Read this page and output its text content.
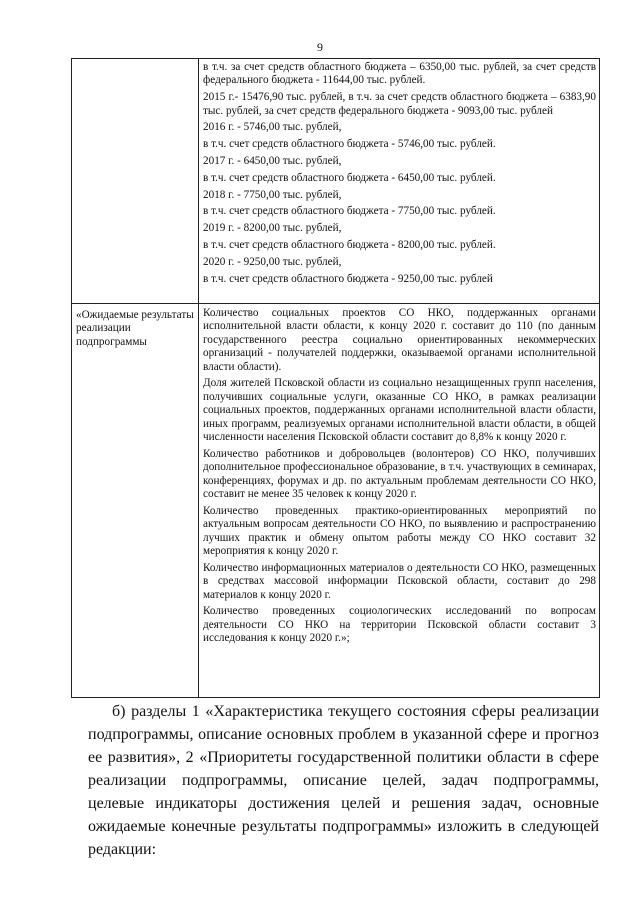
9

в т.ч. за счет средств областного бюджета – 6350,00 тыс. рублей, за счет средств федерального бюджета - 11644,00 тыс. рублей.

2015 г.- 15476,90 тыс. рублей, в т.ч. за счет средств областного бюджета – 6383,90 тыс. рублей, за счет средств федерального бюджета - 9093,00 тыс. рублей

2016 г. - 5746,00 тыс. рублей,

в т.ч. счет средств областного бюджета - 5746,00 тыс. рублей.

2017 г. - 6450,00 тыс. рублей,

в т.ч. счет средств областного бюджета - 6450,00 тыс. рублей.

2018 г. - 7750,00 тыс. рублей,

в т.ч. счет средств областного бюджета - 7750,00 тыс. рублей.

2019 г. - 8200,00 тыс. рублей,

в т.ч. счет средств областного бюджета - 8200,00 тыс. рублей.

2020 г. - 9250,00 тыс. рублей,

в т.ч. счет средств областного бюджета - 9250,00 тыс. рублей

«Ожидаемые результаты реализации подпрограммы

Количество социальных проектов СО НКО, поддержанных органами исполнительной власти области, к концу 2020 г. составит до 110 (по данным государственного реестра социально ориентированных некоммерческих организаций - получателей поддержки, оказываемой органами исполнительной власти области).

Доля жителей Псковской области из социально незащищенных групп населения, получивших социальные услуги, оказанные СО НКО, в рамках реализации социальных проектов, поддержанных органами исполнительной власти области, иных программ, реализуемых органами исполнительной власти области, в общей численности населения Псковской области составит до 8,8% к концу 2020 г.

Количество работников и добровольцев (волонтеров) СО НКО, получивших дополнительное профессиональное образование, в т.ч. участвующих в семинарах, конференциях, форумах и др. по актуальным проблемам деятельности СО НКО, составит не менее 35 человек к концу 2020 г.

Количество проведенных практико-ориентированных мероприятий по актуальным вопросам деятельности СО НКО, по выявлению и распространению лучших практик и обмену опытом работы между СО НКО составит 32 мероприятия к концу 2020 г.

Количество информационных материалов о деятельности СО НКО, размещенных в средствах массовой информации Псковской области, составит до 298 материалов к концу 2020 г.

Количество проведенных социологических исследований по вопросам деятельности СО НКО на территории Псковской области составит 3 исследования к концу 2020 г.»;

б) разделы 1 «Характеристика текущего состояния сферы реализации подпрограммы, описание основных проблем в указанной сфере и прогноз ее развития», 2 «Приоритеты государственной политики области в сфере реализации подпрограммы, описание целей, задач подпрограммы, целевые индикаторы достижения целей и решения задач, основные ожидаемые конечные результаты подпрограммы» изложить в следующей редакции:
